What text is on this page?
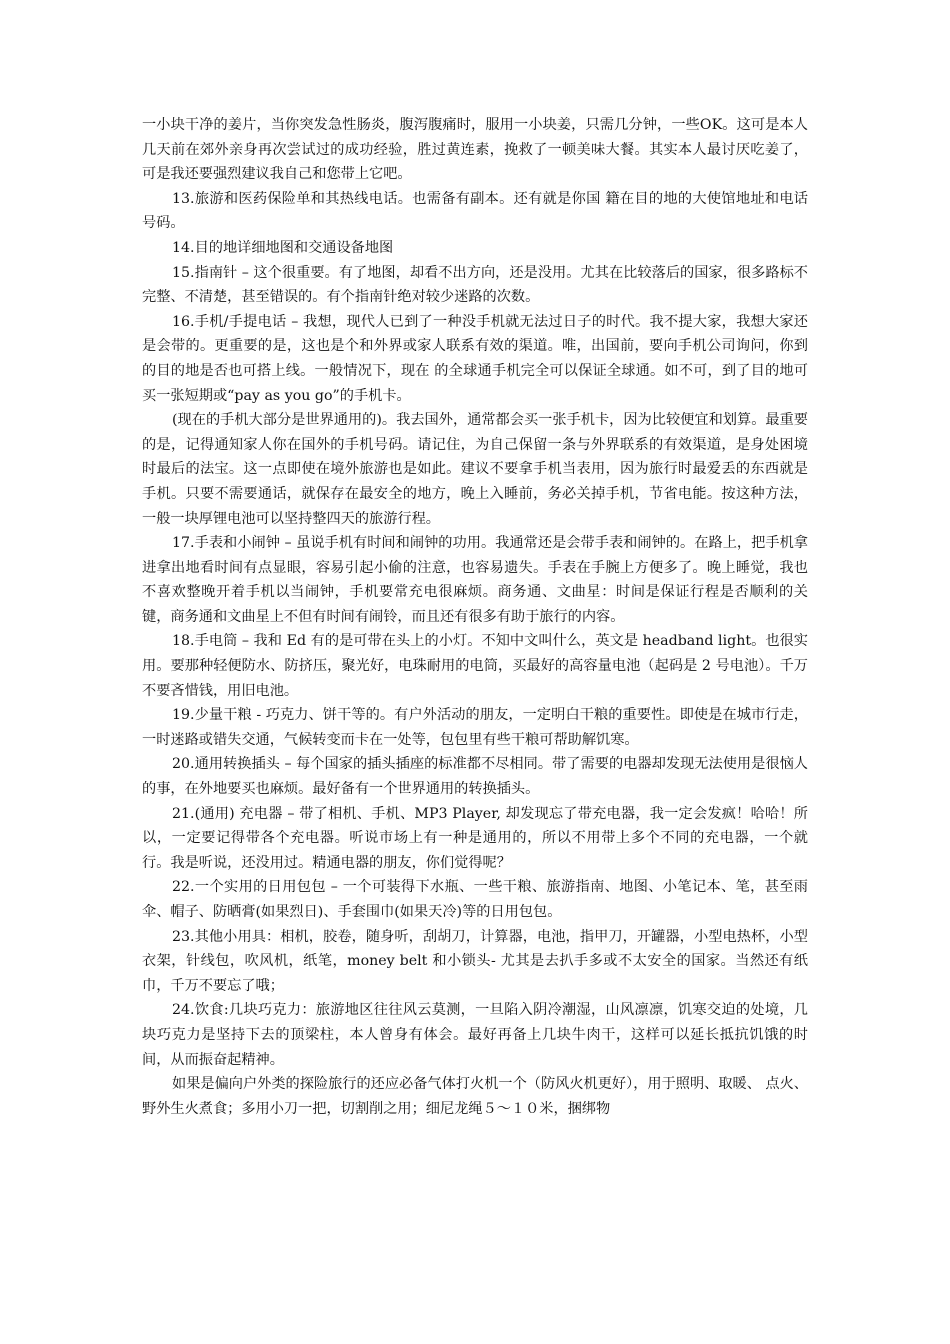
一小块干净的姜片，当你突发急性肠炎，腹泻腹痛时，服用一小块姜，只需几分钟，一些OK。这可是本人几天前在郊外亲身再次尝试过的成功经验，胜过黄连素，挽救了一顿美味大餐。其实本人最讨厌吃姜了，可是我还要强烈建议我自己和您带上它吧。

13.旅游和医药保险单和其热线电话。也需备有副本。还有就是你国 籍在目的地的大使馆地址和电话号码。

14.目的地详细地图和交通设备地图

15.指南针 – 这个很重要。有了地图，却看不出方向，还是没用。尤其在比较落后的国家，很多路标不完整、不清楚，甚至错误的。有个指南针绝对较少迷路的次数。

16.手机/手提电话 – 我想，现代人已到了一种没手机就无法过日子的时代。我不提大家，我想大家还是会带的。更重要的是，这也是个和外界或家人联系有效的渠道。唯，出国前，要向手机公司询问，你到的目的地是否也可搭上线。一般情况下，现在 的全球通手机完全可以保证全球通。如不可，到了目的地可买一张短期或“pay as you go”的手机卡。

(现在的手机大部分是世界通用的)。我去国外，通常都会买一张手机卡，因为比较便宜和划算。最重要的是，记得通知家人你在国外的手机号码。请记住，为自己保留一条与外界联系的有效渠道，是身处困境时最后的法宝。这一点即使在境外旅游也是如此。建议不要拿手机当表用，因为旅行时最爱丢的东西就是手机。只要不需要通话，就保存在最安全的地方，晚上入睡前，务必关掉手机，节省电能。按这种方法，一般一块厚锂电池可以坚持整四天的旅游行程。

17.手表和小闹钟 – 虽说手机有时间和闹钟的功用。我通常还是会带手表和闹钟的。在路上，把手机拿进拿出地看时间有点显眼，容易引起小偷的注意，也容易遗失。手表在手腕上方便多了。晚上睡觉，我也不喜欢整晚开着手机以当闹钟，手机要常充电很麻烦。商务通、文曲星：时间是保证行程是否顺利的关键，商务通和文曲星上不但有时间有闹铃，而且还有很多有助于旅行的内容。

18.手电筒 – 我和 Ed 有的是可带在头上的小灯。不知中文叫什么，英文是 headband light。也很实用。要那种轻便防水、防挤压，聚光好，电珠耐用的电筒，买最好的高容量电池（起码是 2 号电池）。千万不要吝惜钱，用旧电池。

19.少量干粮 - 巧克力、饼干等的。有户外活动的朋友，一定明白干粮的重要性。即使是在城市行走，一时迷路或错失交通，气候转变而卡在一处等，包包里有些干粮可帮助解饥寒。

20.通用转换插头 – 每个国家的插头插座的标准都不尽相同。带了需要的电器却发现无法使用是很恼人的事，在外地要买也麻烦。最好备有一个世界通用的转换插头。

21.(通用) 充电器 – 带了相机、手机、MP3 Player, 却发现忘了带充电器，我一定会发疯！哈哈！所以，一定要记得带各个充电器。听说市场上有一种是通用的，所以不用带上多个不同的充电器，一个就行。我是听说，还没用过。精通电器的朋友，你们觉得呢？

22.一个实用的日用包包 – 一个可装得下水瓶、一些干粮、旅游指南、地图、小笔记本、笔，甚至雨伞、帽子、防晒膏(如果烈日)、手套围巾(如果天冷)等的日用包包。

23.其他小用具：相机，胶卷，随身听，刮胡刀，计算器，电池，指甲刀，开罐器，小型电热杯，小型衣架，针线包，吹风机，纸笔，money belt 和小锁头- 尤其是去扒手多或不太安全的国家。当然还有纸巾，千万不要忘了哦；

24.饮食:几块巧克力：旅游地区往往风云莫测，一旦陷入阴冷潮湿，山风凛凛，饥寒交迫的处境，几块巧克力是坚持下去的顶梁柱，本人曾身有体会。最好再备上几块牛肉干，这样可以延长抵抗饥饿的时间，从而振奋起精神。

如果是偏向户外类的探险旅行的还应必备气体打火机一个（防风火机更好），用于照明、取暖、 点火、野外生火煮食；多用小刀一把，切割削之用；细尼龙绳５～１０米，捆绑物
